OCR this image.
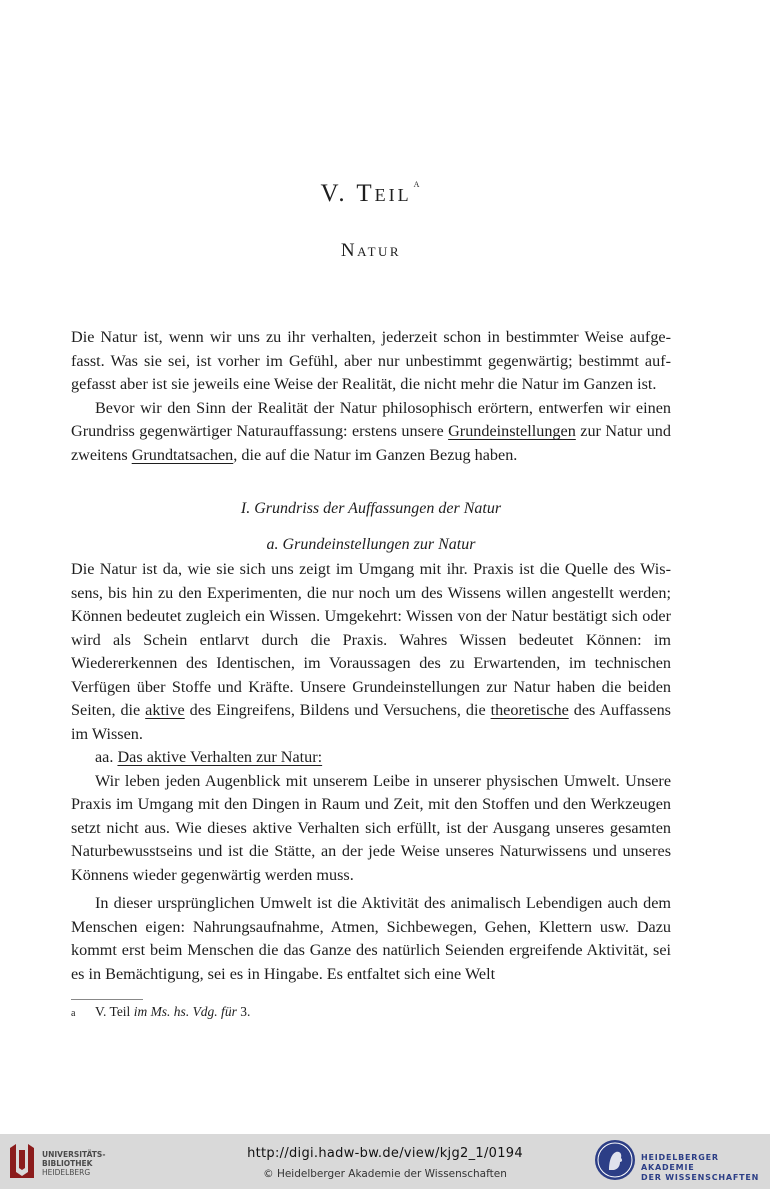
V. Teil $^a$
Natur

Die Natur ist, wenn wir uns zu ihr verhalten, jederzeit schon in bestimmter Weise aufgefasst. Was sie sei, ist vorher im Gefühl, aber nur unbestimmt gegenwärtig; bestimmt aufgefasst aber ist sie jeweils eine Weise der Realität, die nicht mehr die Natur im Ganzen ist.

Bevor wir den Sinn der Realität der Natur philosophisch erörtern, entwerfen wir einen Grundriss gegenwärtiger Naturauffassung: erstens unsere Grundeinstellungen zur Natur und zweitens Grundtatsachen, die auf die Natur im Ganzen Bezug haben.

I. Grundriss der Auffassungen der Natur
a. Grundeinstellungen zur Natur

Die Natur ist da, wie sie sich uns zeigt im Umgang mit ihr. Praxis ist die Quelle des Wissens, bis hin zu den Experimenten, die nur noch um des Wissens willen angestellt werden; Können bedeutet zugleich ein Wissen. Umgekehrt: Wissen von der Natur bestätigt sich oder wird als Schein entlarvt durch die Praxis. Wahres Wissen bedeutet Können: im Wiedererkennen des Identischen, im Voraussagen des zu Erwartenden, im technischen Verfügen über Stoffe und Kräfte. Unsere Grundeinstellungen zur Natur haben die beiden Seiten, die aktive des Eingreifens, Bildens und Versuchens, die theoretische des Auffassens im Wissen.

aa. Das aktive Verhalten zur Natur:

Wir leben jeden Augenblick mit unserem Leibe in unserer physischen Umwelt. Unsere Praxis im Umgang mit den Dingen in Raum und Zeit, mit den Stoffen und den Werkzeugen setzt nicht aus. Wie dieses aktive Verhalten sich erfüllt, ist der Ausgang unseres gesamten Naturbewusstseins und ist die Stätte, an der jede Weise unseres Naturwissens und unseres Könnens wieder gegenwärtig werden muss.

In dieser ursprünglichen Umwelt ist die Aktivität des animalisch Lebendigen auch dem Menschen eigen: Nahrungsaufnahme, Atmen, Sichbewegen, Gehen, Klettern usw. Dazu kommt erst beim Menschen die das Ganze des natürlich Seienden ergreifende Aktivität, sei es in Bemächtigung, sei es in Hingabe. Es entfaltet sich eine Welt

a V. Teil im Ms. hs. Vdg. für 3.
UNIVERSITÄTS-
BIBLIOTHEK
HEIDELBERG
http://digi.hadw-bw.de/view/kjg2_1/0194
© Heidelberger Akademie der Wissenschaften
HEIDELBERGER AKADEMIE
DER WISSENSCHAFTEN
